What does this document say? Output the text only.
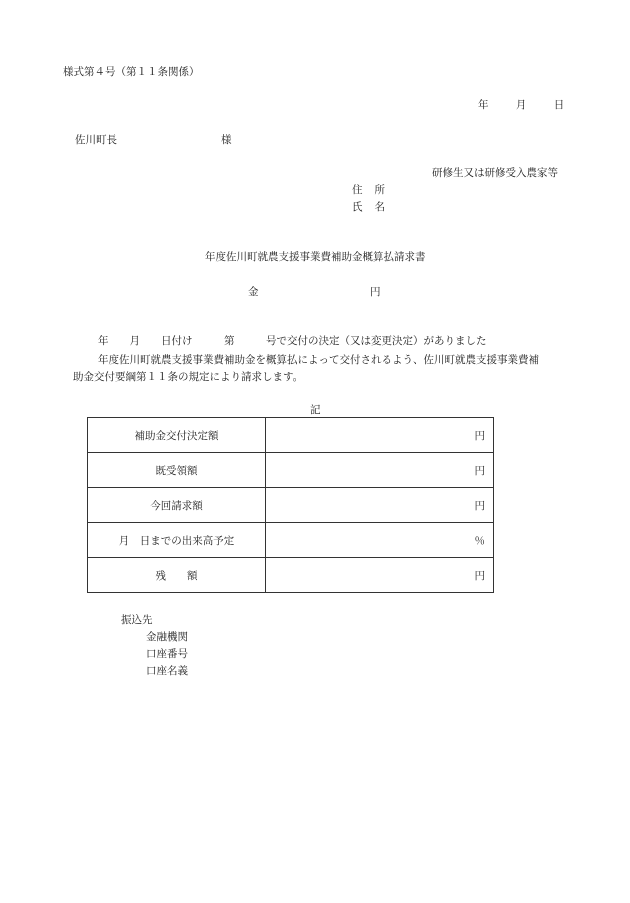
様式第４号（第１１条関係）
年	月	日
佐川町長	様
研修生又は研修受入農家等
住 所
氏 名
年度佐川町就農支援事業費補助金概算払請求書
金	円
年　　月　　日付け　　　第　　　号で交付の決定（又は変更決定）がありました
年度佐川町就農支援事業費補助金を概算払によって交付されるよう、佐川町就農支援事業費補
助金交付要綱第１１条の規定により請求します。
記
補助金交付決定額	円
既受領額	円
今回請求額	円
月　日までの出来高予定	％
残　　額	円
振込先
金融機関
口座番号
口座名義
